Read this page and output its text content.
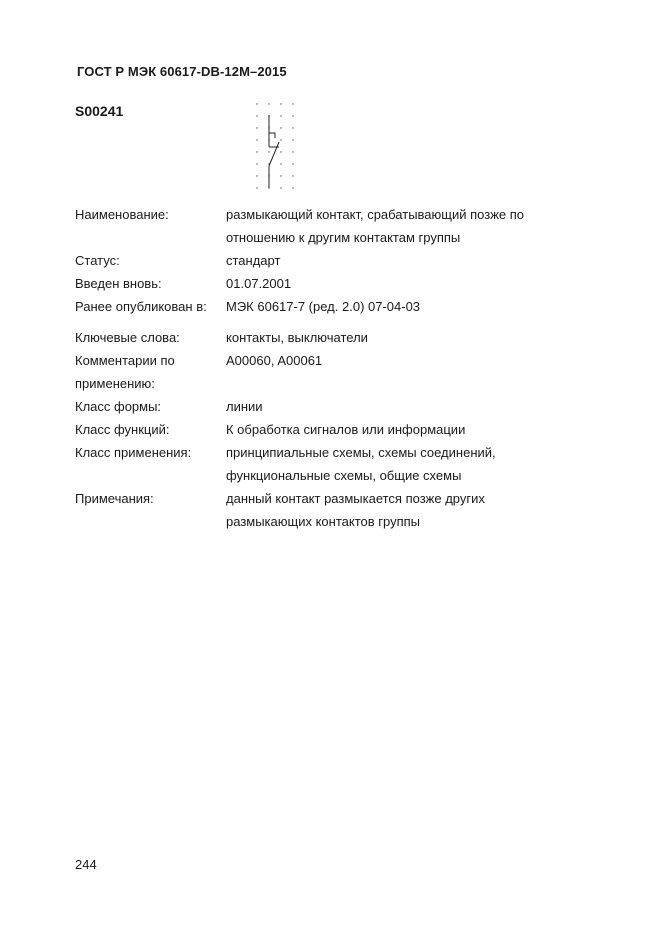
ГОСТ Р МЭК 60617-DB-12M–2015
S00241
Наименование:	размыкающий контакт, срабатывающий позже по отношению к другим контактам группы
Статус:	стандарт
Введен вновь:	01.07.2001
Ранее опубликован в:	МЭК 60617-7 (ред. 2.0) 07-04-03
Ключевые слова:	контакты, выключатели
Комментарии по применению:
A00060, A00061
Класс формы:	линии
Класс функций:	К обработка сигналов или информации
Класс применения:	принципиальные схемы, схемы соединений, функциональные схемы, общие схемы
Примечания:	данный контакт размыкается позже других размыкающих контактов группы
244
